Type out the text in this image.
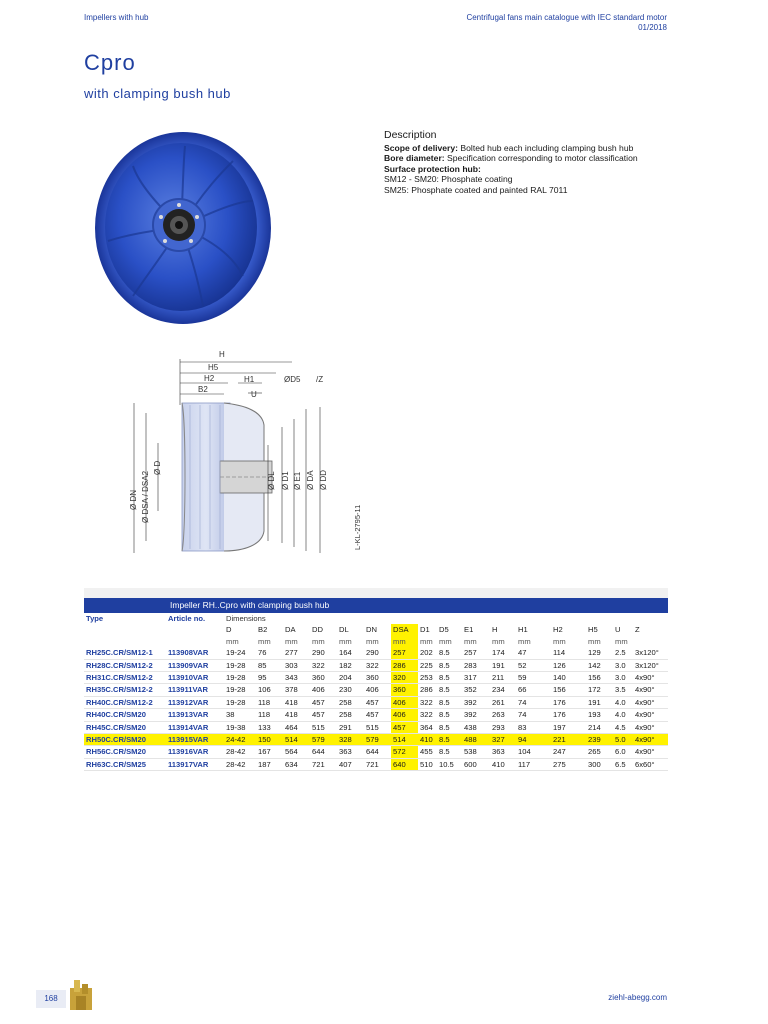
Impellers with hub	Centrifugal fans main catalogue with IEC standard motor
01/2018
Cpro
with clamping bush hub
Description
Scope of delivery: Bolted hub each including clamping bush hub
Bore diameter: Specification corresponding to motor classification
Surface protection hub:
SM12 - SM20: Phosphate coating
SM25: Phosphate coated and painted RAL 7011
H
H5
H2
B2
H1
U
ØD5 /Z
Ø DN Ø DSA / DSA2
Ø D
Ø DL Ø D1 Ø E1 Ø DA Ø DD
L-KL-2795-11
Impeller RH..Cpro with clamping bush hub
Type	Article no.	Dimensions															
		D	B2	DA	DD	DL	DN	DSA	D1	D5	E1	H	H1	H2	H5	U	Z
		mm	mm	mm	mm	mm	mm	mm	mm	mm	mm	mm	mm	mm	mm	mm	
RH25C.CR/SM12-1	113908VAR	19-24	76	277	290	164	290	257	202	8.5	257	174	47	114	129	2.5	3x120°
RH28C.CR/SM12-2	113909VAR	19-28	85	303	322	182	322	286	225	8.5	283	191	52	126	142	3.0	3x120°
RH31C.CR/SM12-2	113910VAR	19-28	95	343	360	204	360	320	253	8.5	317	211	59	140	156	3.0	4x90°
RH35C.CR/SM12-2	113911VAR	19-28	106	378	406	230	406	360	286	8.5	352	234	66	156	172	3.5	4x90°
RH40C.CR/SM12-2	113912VAR	19-28	118	418	457	258	457	406	322	8.5	392	261	74	176	191	4.0	4x90°
RH40C.CR/SM20	113913VAR	38	118	418	457	258	457	406	322	8.5	392	263	74	176	193	4.0	4x90°
RH45C.CR/SM20	113914VAR	19-38	133	464	515	291	515	457	364	8.5	438	293	83	197	214	4.5	4x90°
RH50C.CR/SM20	113915VAR	24-42	150	514	579	328	579	514	410	8.5	488	327	94	221	239	5.0	4x90°
RH56C.CR/SM20	113916VAR	28-42	167	564	644	363	644	572	455	8.5	538	363	104	247	265	6.0	4x90°
RH63C.CR/SM25	113917VAR	28-42	187	634	721	407	721	640	510	10.5	600	410	117	275	300	6.5	6x60°
168	ziehl-abegg.com
